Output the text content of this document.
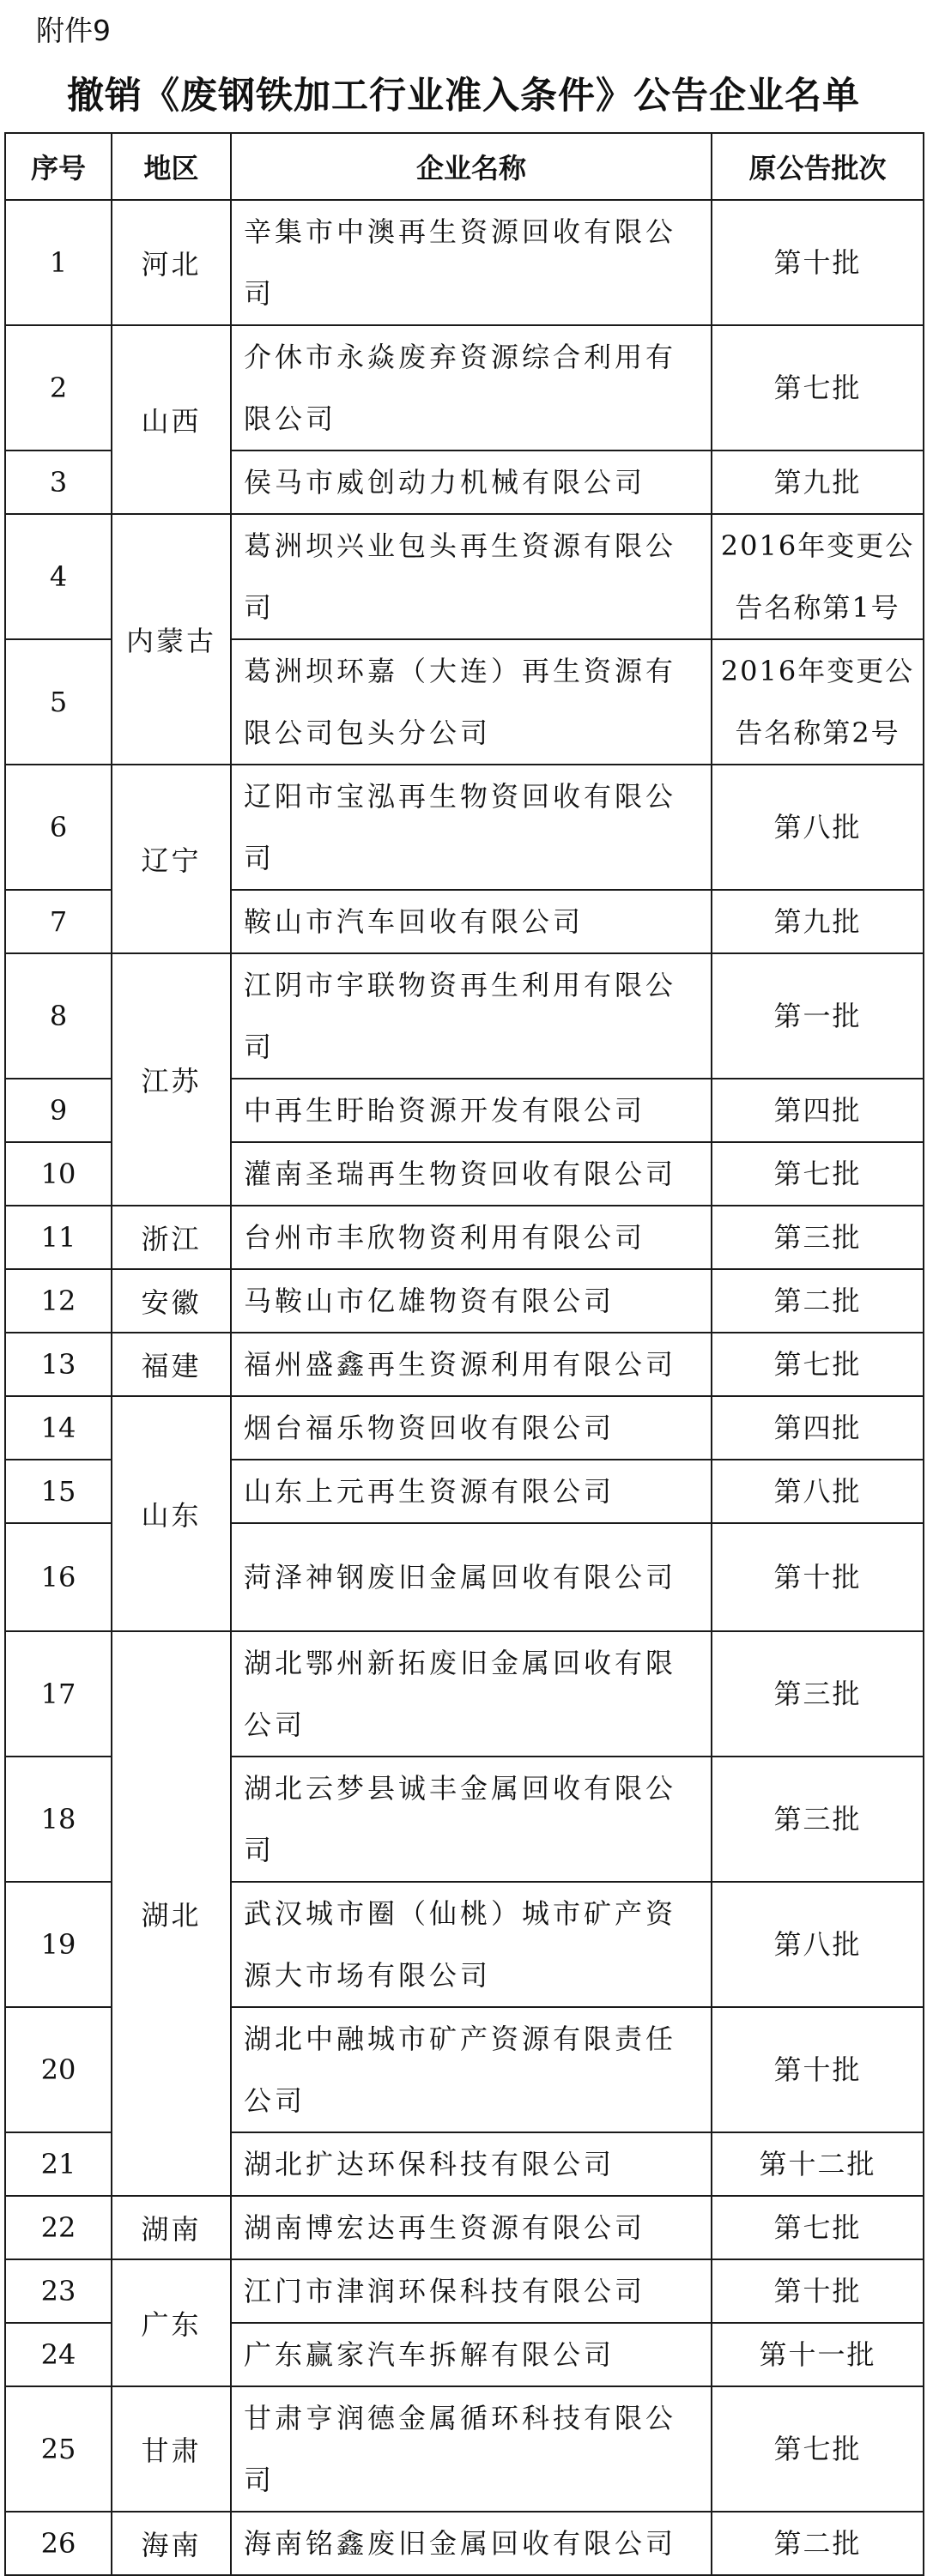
附件9
撤销《废钢铁加工行业准入条件》公告企业名单
序号	地区	企业名称	原公告批次
1	河北	辛集市中澳再生资源回收有限公司	第十批
2	山西	介休市永焱废弃资源综合利用有限公司	第七批
3		侯马市威创动力机械有限公司	第九批
4	内蒙古	葛洲坝兴业包头再生资源有限公司	2016年变更公告名称第1号
5		葛洲坝环嘉（大连）再生资源有限公司包头分公司	2016年变更公告名称第2号
6	辽宁	辽阳市宝泓再生物资回收有限公司	第八批
7		鞍山市汽车回收有限公司	第九批
8	江苏	江阴市宇联物资再生利用有限公司	第一批
9		中再生盱眙资源开发有限公司	第四批
10		灌南圣瑞再生物资回收有限公司	第七批
11	浙江	台州市丰欣物资利用有限公司	第三批
12	安徽	马鞍山市亿雄物资有限公司	第二批
13	福建	福州盛鑫再生资源利用有限公司	第七批
14	山东	烟台福乐物资回收有限公司	第四批
15		山东上元再生资源有限公司	第八批
16		菏泽神钢废旧金属回收有限公司	第十批
17	湖北	湖北鄂州新拓废旧金属回收有限公司	第三批
18		湖北云梦县诚丰金属回收有限公司	第三批
19		武汉城市圈（仙桃）城市矿产资源大市场有限公司	第八批
20		湖北中融城市矿产资源有限责任公司	第十批
21		湖北扩达环保科技有限公司	第十二批
22	湖南	湖南博宏达再生资源有限公司	第七批
23	广东	江门市津润环保科技有限公司	第十批
24		广东赢家汽车拆解有限公司	第十一批
25	甘肃	甘肃亨润德金属循环科技有限公司	第七批
26	海南	海南铭鑫废旧金属回收有限公司	第二批
